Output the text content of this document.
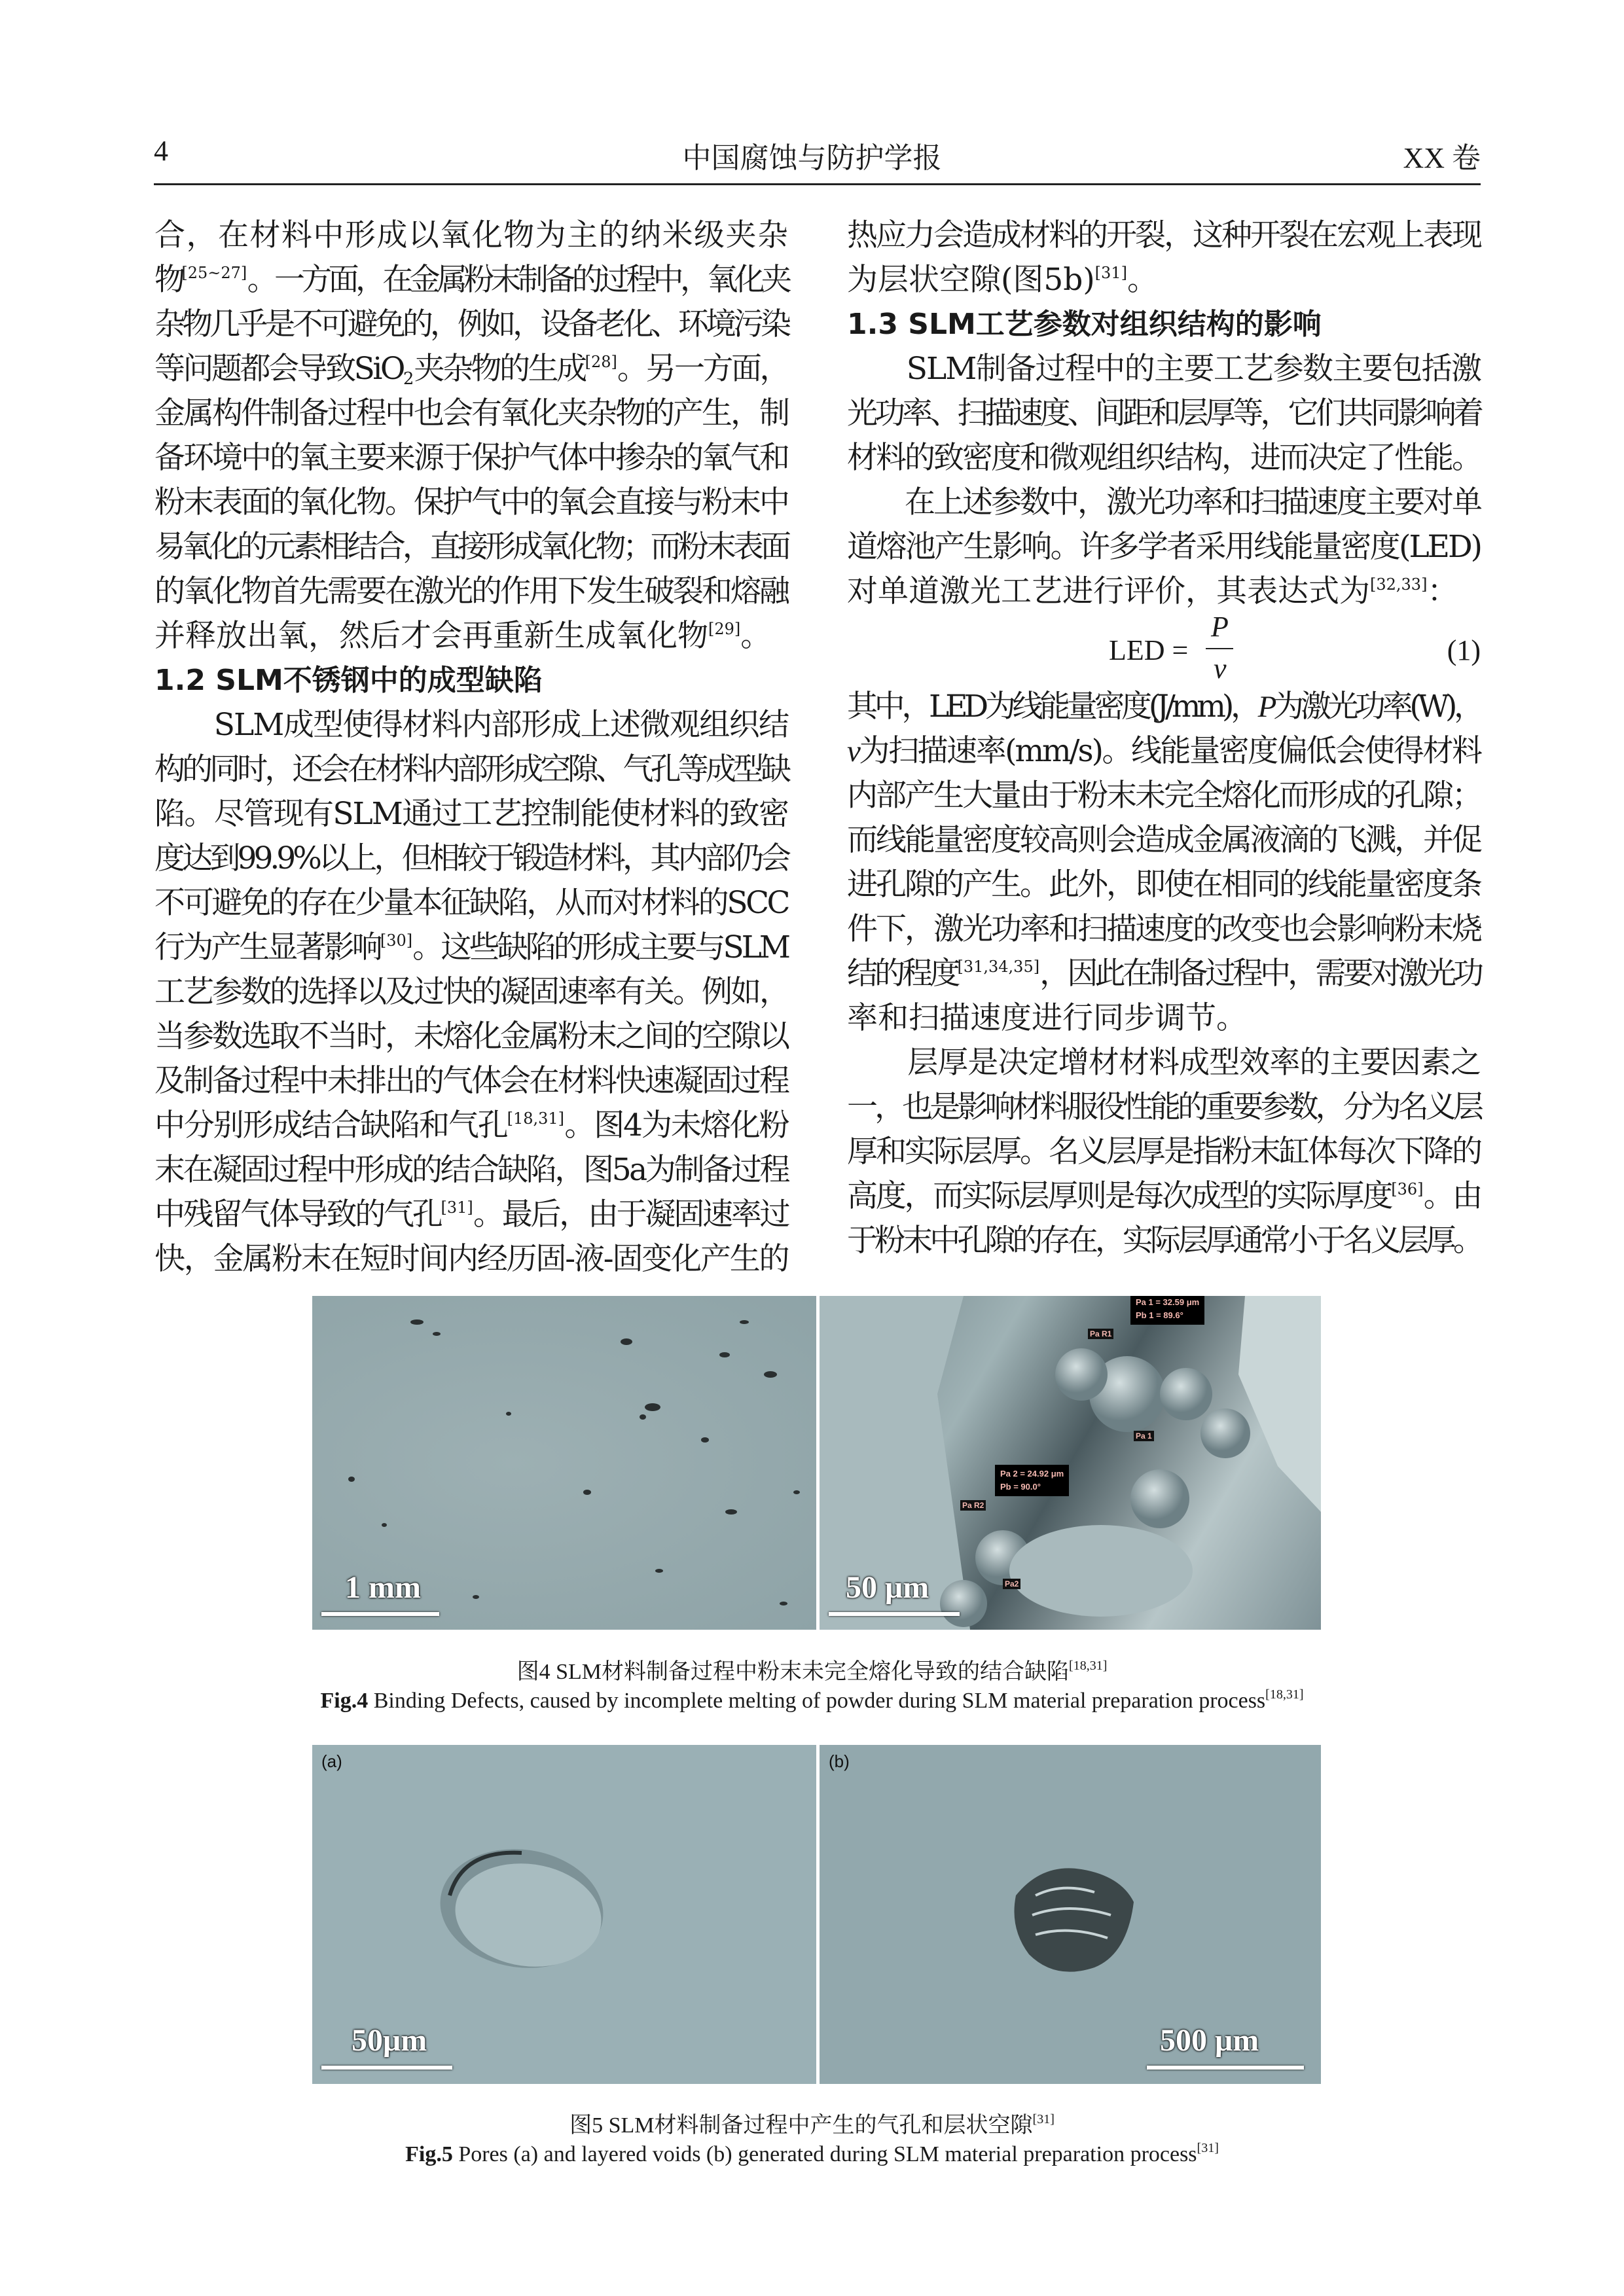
4	中国腐蚀与防护学报	XX 卷
合，在材料中形成以氧化物为主的纳米级夹杂
物[25~27]。一方面，在金属粉末制备的过程中，氧化夹
杂物几乎是不可避免的，例如，设备老化、环境污染
等问题都会导致SiO$_2$夹杂物的生成[28]。另一方面，
金属构件制备过程中也会有氧化夹杂物的产生，制
备环境中的氧主要来源于保护气体中掺杂的氧气和
粉末表面的氧化物。保护气中的氧会直接与粉末中
易氧化的元素相结合，直接形成氧化物；而粉末表面
的氧化物首先需要在激光的作用下发生破裂和熔融
并释放出氧，然后才会再重新生成氧化物[29]。
1.2 SLM不锈钢中的成型缺陷
　　SLM成型使得材料内部形成上述微观组织结
构的同时，还会在材料内部形成空隙、气孔等成型缺
陷。尽管现有SLM通过工艺控制能使材料的致密
度达到99.9%以上，但相较于锻造材料，其内部仍会
不可避免的存在少量本征缺陷，从而对材料的SCC
行为产生显著影响[30]。这些缺陷的形成主要与SLM
工艺参数的选择以及过快的凝固速率有关。例如，
当参数选取不当时，未熔化金属粉末之间的空隙以
及制备过程中未排出的气体会在材料快速凝固过程
中分别形成结合缺陷和气孔[18,31]。图4为未熔化粉
末在凝固过程中形成的结合缺陷，图5a为制备过程
中残留气体导致的气孔[31]。最后，由于凝固速率过
快，金属粉末在短时间内经历固-液-固变化产生的
热应力会造成材料的开裂，这种开裂在宏观上表现
为层状空隙(图5b)[31]。
1.3 SLM工艺参数对组织结构的影响
　　SLM制备过程中的主要工艺参数主要包括激
光功率、扫描速度、间距和层厚等，它们共同影响着
材料的致密度和微观组织结构，进而决定了性能。
　　在上述参数中，激光功率和扫描速度主要对单
道熔池产生影响。许多学者采用线能量密度(LED)
对单道激光工艺进行评价，其表达式为[32,33]：
LED =
P
v
(1)
其中，LED为线能量密度(J/mm)，P为激光功率(W)，
v为扫描速率(mm/s)。线能量密度偏低会使得材料
内部产生大量由于粉末未完全熔化而形成的孔隙；
而线能量密度较高则会造成金属液滴的飞溅，并促
进孔隙的产生。此外，即使在相同的线能量密度条
件下，激光功率和扫描速度的改变也会影响粉末烧
结的程度[31,34,35]，因此在制备过程中，需要对激光功
率和扫描速度进行同步调节。
　　层厚是决定增材材料成型效率的主要因素之
一，也是影响材料服役性能的重要参数，分为名义层
厚和实际层厚。名义层厚是指粉末缸体每次下降的
高度，而实际层厚则是每次成型的实际厚度[36]。由
于粉末中孔隙的存在，实际层厚通常小于名义层厚。
1 mm
Pa 1 = 32.59 μm
Pb 1 = 89.6°
Pa R1
Pa 1
Pa 2 = 24.92 μm
Pb = 90.0°
Pa R2
Pa2
50 μm
图4 SLM材料制备过程中粉末未完全熔化导致的结合缺陷[18,31]
Fig.4 Binding Defects, caused by incomplete melting of powder during SLM material preparation process[18,31]
(a)
50μm
(b)
500 μm
图5 SLM材料制备过程中产生的气孔和层状空隙[31]
Fig.5 Pores (a) and layered voids (b) generated during SLM material preparation process[31]
